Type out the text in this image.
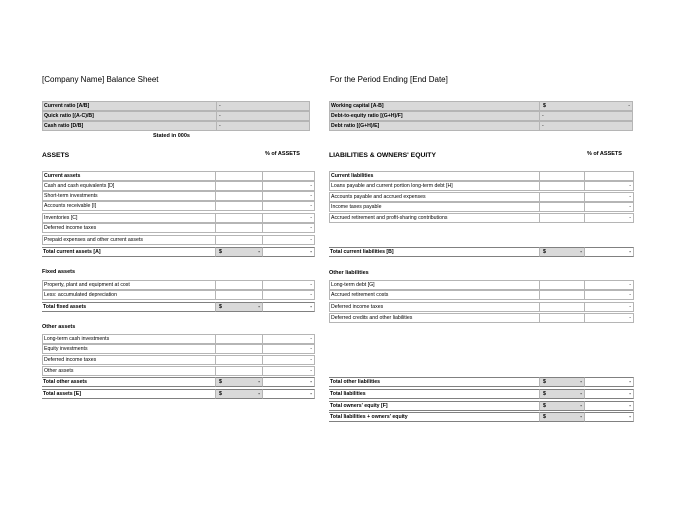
[Company Name] Balance Sheet	For the Period Ending [End Date]
Current ratio [A/B]	-
Quick ratio [(A-C)/B]	-
Cash ratio [D/B]	-
Stated in 000s
Working capital [A-B]	$	-
Debt-to-equity ratio [(G+H)/F]	-
Debt ratio [(G+H)/E]	-
ASSETS	% of ASSETS	LIABILITIES & OWNERS' EQUITY	% of ASSETS
Current assets
Cash and cash equivalents [D]	-
Short-term investments	-
Accounts receivable [I]	-
Inventories [C]	-
Deferred income taxes	-
Prepaid expenses and other current assets	-
Total current assets [A]	$	-	-
Fixed assets
Property, plant and equipment at cost	-
Less: accumulated depreciation	-
Total fixed assets	$	-	-
Other assets
Long-term cash investments	-
Equity investments	-
Deferred income taxes	-
Other assets	-
Total other assets	$	-	-
Total assets [E]	$	-	-
Current liabilities
Loans payable and current portion long-term debt [H]	-
Accounts payable and accrued expenses	-
Income taxes payable	-
Accrued retirement and profit-sharing contributions	-
Total current liabilities [B]	$	-	-
Other liabilities
Long-term debt [G]	-
Accrued retirement costs	-
Deferred income taxes	-
Deferred credits and other liabilities	-
Total other liabilities	$	-	-
Total liabilities	$	-	-
Total owners' equity [F]	$	-	-
Total liabilities + owners' equity	$	-	-
